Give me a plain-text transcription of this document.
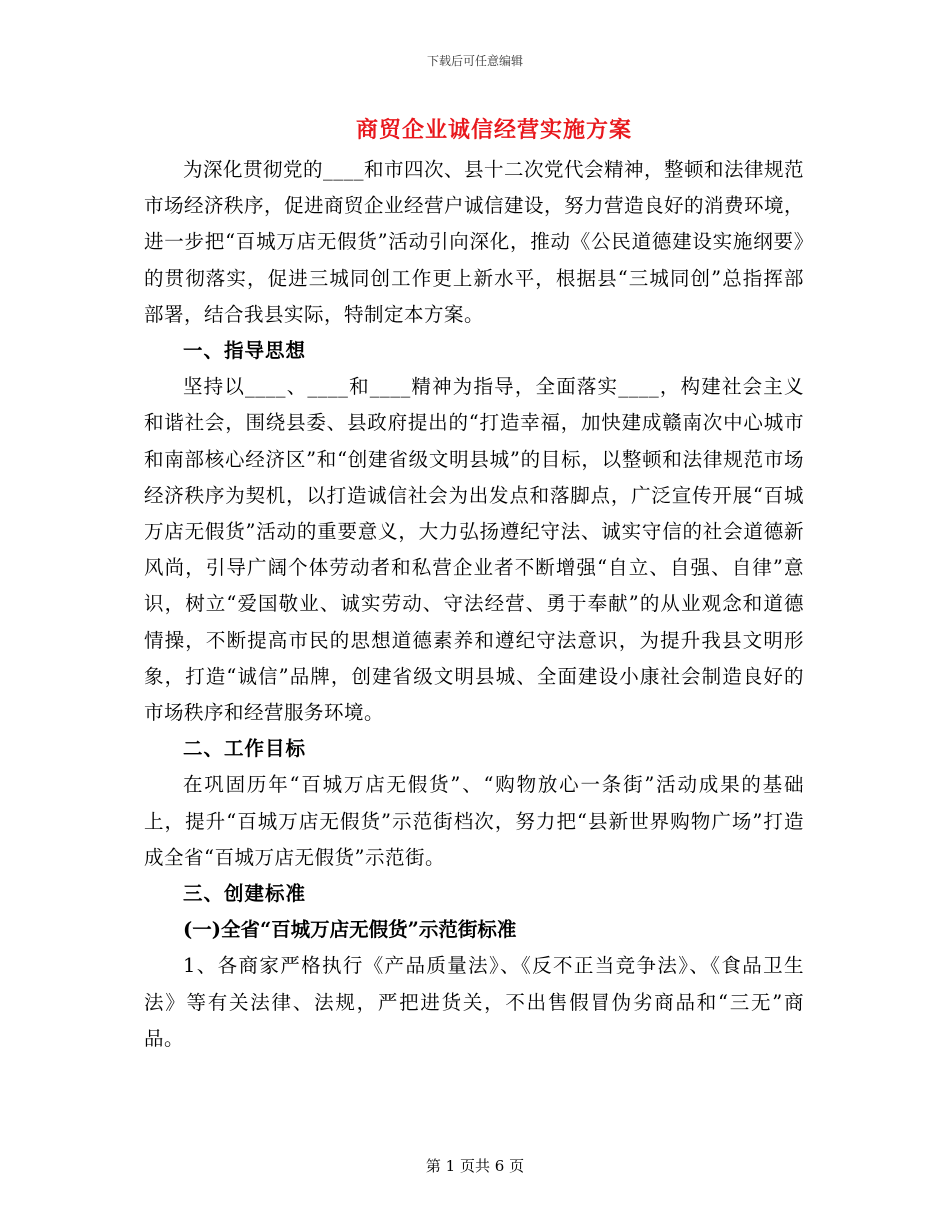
下载后可任意编辑
商贸企业诚信经营实施方案

为深化贯彻党的____和市四次、县十二次党代会精神，整顿和法律规范市场经济秩序，促进商贸企业经营户诚信建设，努力营造良好的消费环境，进一步把“百城万店无假货”活动引向深化，推动《公民道德建设实施纲要》的贯彻落实，促进三城同创工作更上新水平，根据县“三城同创”总指挥部部署，结合我县实际，特制定本方案。

一、指导思想

坚持以____、____和____精神为指导，全面落实____，构建社会主义和谐社会，围绕县委、县政府提出的“打造幸福，加快建成赣南次中心城市和南部核心经济区”和“创建省级文明县城”的目标，以整顿和法律规范市场经济秩序为契机，以打造诚信社会为出发点和落脚点，广泛宣传开展“百城万店无假货”活动的重要意义，大力弘扬遵纪守法、诚实守信的社会道德新风尚，引导广阔个体劳动者和私营企业者不断增强“自立、自强、自律”意识，树立“爱国敬业、诚实劳动、守法经营、勇于奉献”的从业观念和道德情操，不断提高市民的思想道德素养和遵纪守法意识，为提升我县文明形象，打造“诚信”品牌，创建省级文明县城、全面建设小康社会制造良好的市场秩序和经营服务环境。

二、工作目标

在巩固历年“百城万店无假货”、“购物放心一条街”活动成果的基础上，提升“百城万店无假货”示范街档次，努力把“县新世界购物广场”打造成全省“百城万店无假货”示范街。

三、创建标准

(一)全省“百城万店无假货”示范街标准

1、各商家严格执行《产品质量法》、《反不正当竞争法》、《食品卫生法》等有关法律、法规，严把进货关，不出售假冒伪劣商品和“三无”商品。

第 1 页共 6 页
